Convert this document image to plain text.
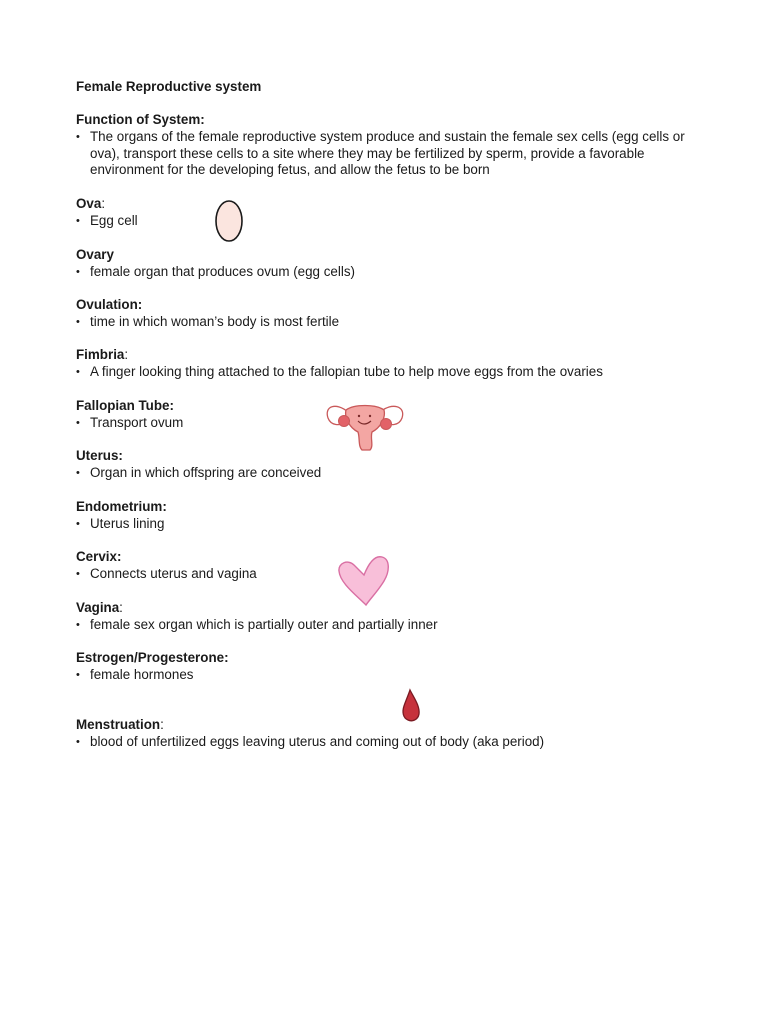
Female Reproductive system
Function of System:
• The organs of the female reproductive system produce and sustain the female sex cells (egg cells or ova), transport these cells to a site where they may be fertilized by sperm, provide a favorable environment for the developing fetus, and allow the fetus to be born
Ova:
• Egg cell
Ovary
• female organ that produces ovum (egg cells)
Ovulation:
• time in which woman’s body is most fertile
Fimbria:
• A finger looking thing attached to the fallopian tube to help move eggs from the ovaries
Fallopian Tube:
• Transport ovum
Uterus:
• Organ in which offspring are conceived
Endometrium:
• Uterus lining
Cervix:
• Connects uterus and vagina
Vagina:
• female sex organ which is partially outer and partially inner
Estrogen/Progesterone:
• female hormones
Menstruation:
• blood of unfertilized eggs leaving uterus and coming out of body (aka period)
